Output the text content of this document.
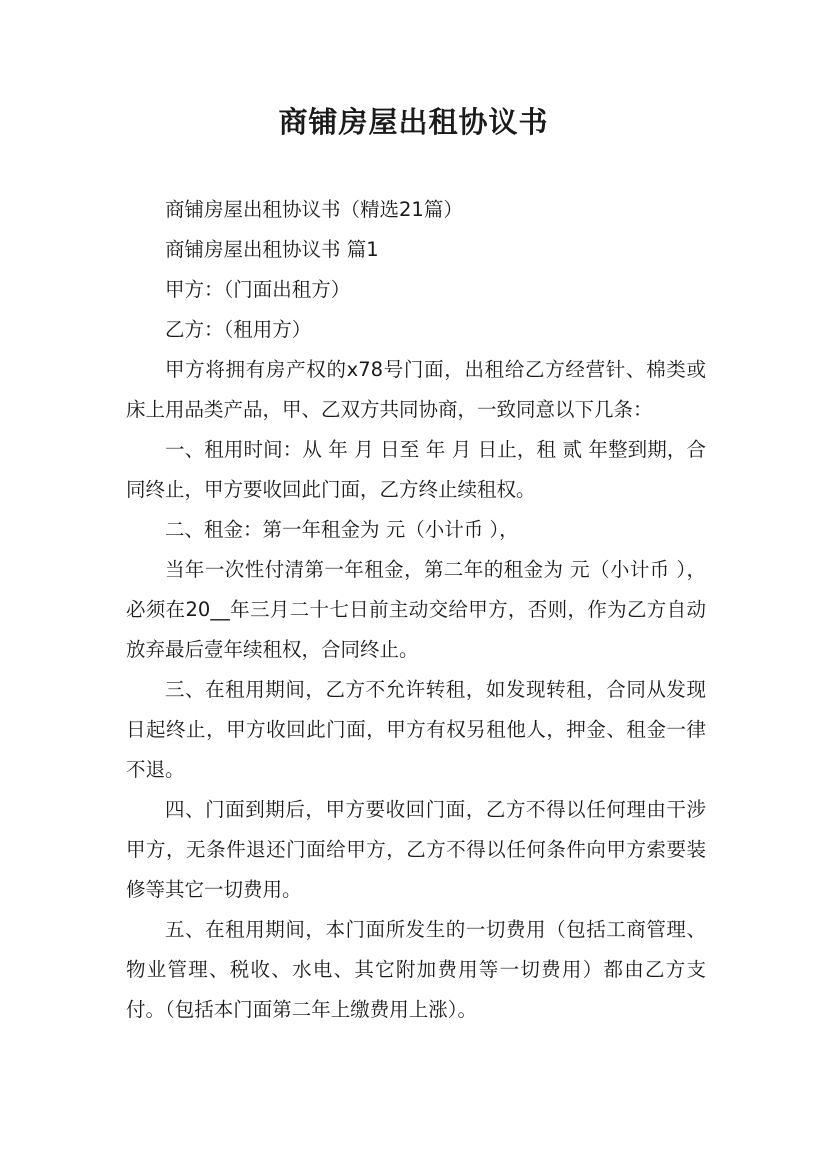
商铺房屋出租协议书

商铺房屋出租协议书（精选21篇）

商铺房屋出租协议书 篇1

甲方：（门面出租方）

乙方：（租用方）

甲方将拥有房产权的x78号门面，出租给乙方经营针、棉类或床上用品类产品，甲、乙双方共同协商，一致同意以下几条：

一、租用时间：从 年 月 日至 年 月 日止，租 贰 年整到期，合同终止，甲方要收回此门面，乙方终止续租权。

二、租金：第一年租金为 元（小计币 ），

当年一次性付清第一年租金，第二年的租金为 元（小计币 ），必须在20__年三月二十七日前主动交给甲方，否则，作为乙方自动放弃最后壹年续租权，合同终止。

三、在租用期间，乙方不允许转租，如发现转租，合同从发现日起终止，甲方收回此门面，甲方有权另租他人，押金、租金一律不退。

四、门面到期后，甲方要收回门面，乙方不得以任何理由干涉甲方，无条件退还门面给甲方，乙方不得以任何条件向甲方索要装修等其它一切费用。

五、在租用期间，本门面所发生的一切费用（包括工商管理、物业管理、税收、水电、其它附加费用等一切费用）都由乙方支付。（包括本门面第二年上缴费用上涨）。
